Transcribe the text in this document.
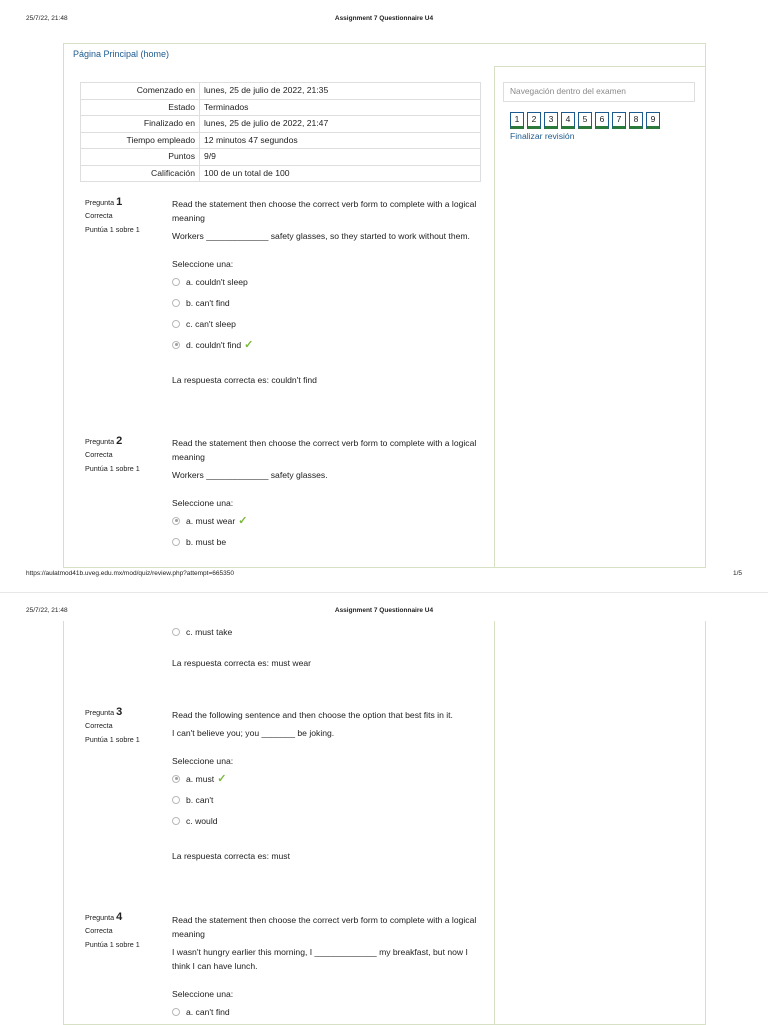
25/7/22, 21:48	Assignment 7 Questionnaire U4
Página Principal (home)
Comenzado en	lunes, 25 de julio de 2022, 21:35
Estado	Terminados
Finalizado en	lunes, 25 de julio de 2022, 21:47
Tiempo empleado	12 minutos 47 segundos
Puntos	9/9
Calificación	100 de un total de 100
Pregunta 1
Correcta
Puntúa 1 sobre 1

Read the statement then choose the correct verb form to complete with a logical meaning

Workers _____________ safety glasses, so they started to work without them.

Seleccione una:
a. couldn't sleep
b. can't find
c. can't sleep
d. couldn't find ✓
La respuesta correcta es: couldn't find
Pregunta 2
Correcta
Puntúa 1 sobre 1

Read the statement then choose the correct verb form to complete with a logical meaning

Workers _____________ safety glasses.

Seleccione una:
a. must wear ✓
b. must be
Navegación dentro del examen
1	2	3	4	5	6	7	8	9
Finalizar revisión
https://aulatmod41b.uveg.edu.mx/mod/quiz/review.php?attempt=665350	1/5
25/7/22, 21:48	Assignment 7 Questionnaire U4
c. must take
La respuesta correcta es: must wear
Pregunta 3
Correcta
Puntúa 1 sobre 1

Read the following sentence and then choose the option that best fits in it.

I can't believe you; you _______ be joking.

Seleccione una:
a. must ✓
b. can't
c. would
La respuesta correcta es: must
Pregunta 4
Correcta
Puntúa 1 sobre 1

Read the statement then choose the correct verb form to complete with a logical meaning

I wasn't hungry earlier this morning, I _____________ my breakfast, but now I think I can have lunch.

Seleccione una:
a. can't find
